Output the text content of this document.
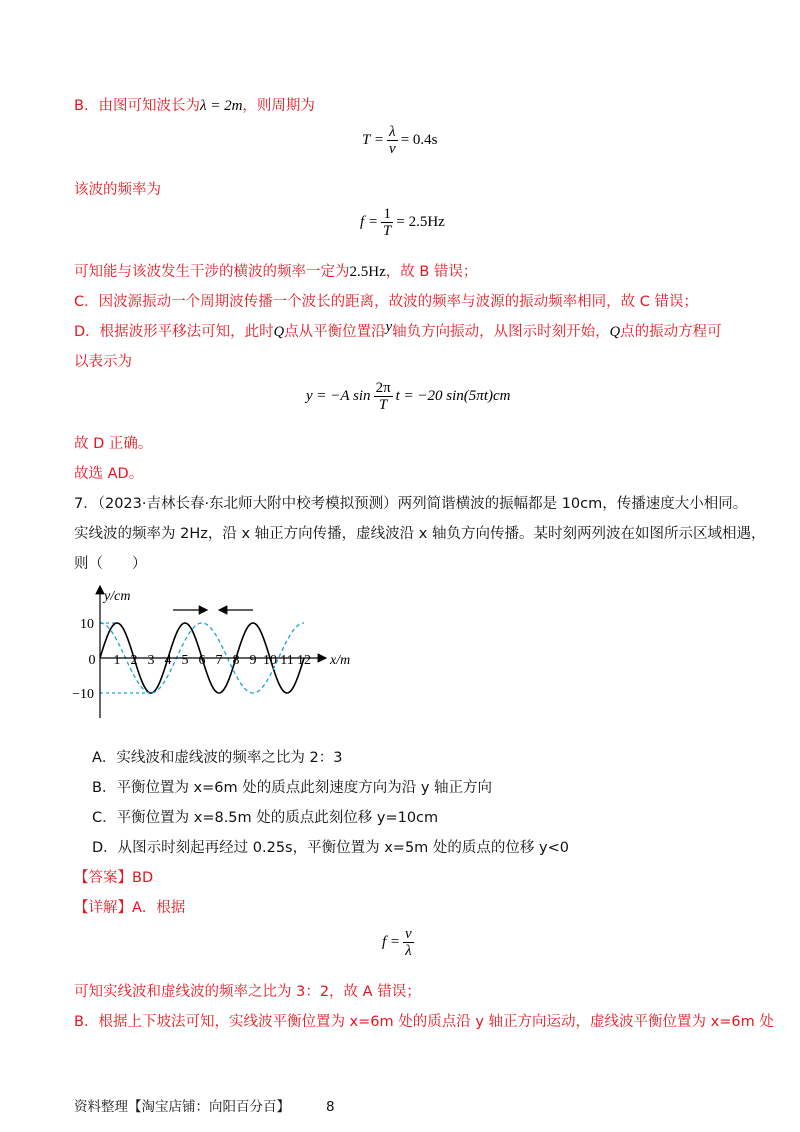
B．由图可知波长为λ = 2m，则周期为
$T = \frac{\lambda}{v} = 0.4s$
该波的频率为
$f = \frac{1}{T} = 2.5Hz$
可知能与该波发生干涉的横波的频率一定为2.5Hz，故 B 错误；
C．因波源振动一个周期波传播一个波长的距离，故波的频率与波源的振动频率相同，故 C 错误；
D．根据波形平移法可知，此时Q点从平衡位置沿y轴负方向振动，从图示时刻开始，Q点的振动方程可
以表示为
y = −A $\sin \frac{2\pi}{T}$ t = −20 sin(5πt)cm
故 D 正确。
故选 AD。
7．（2023·吉林长春·东北师大附中校考模拟预测）两列简谐横波的振幅都是 10cm，传播速度大小相同。
实线波的频率为 2Hz，沿 x 轴正方向传播，虚线波沿 x 轴负方向传播。某时刻两列波在如图所示区域相遇，
则（　　）
0 1 2 3 4 5 6 7 8 9 10 11 12
10
−10
y/cm
x/m
A．实线波和虚线波的频率之比为 2：3
B．平衡位置为 x=6m 处的质点此刻速度方向为沿 y 轴正方向
C．平衡位置为 x=8.5m 处的质点此刻位移 y=10cm
D．从图示时刻起再经过 0.25s，平衡位置为 x=5m 处的质点的位移 y<0
【答案】BD
【详解】A．根据
$f = \frac{v}{\lambda}$
可知实线波和虚线波的频率之比为 3：2，故 A 错误；
B．根据上下坡法可知，实线波平衡位置为 x=6m 处的质点沿 y 轴正方向运动，虚线波平衡位置为 x=6m 处
资料整理【淘宝店铺：向阳百分百】	8
